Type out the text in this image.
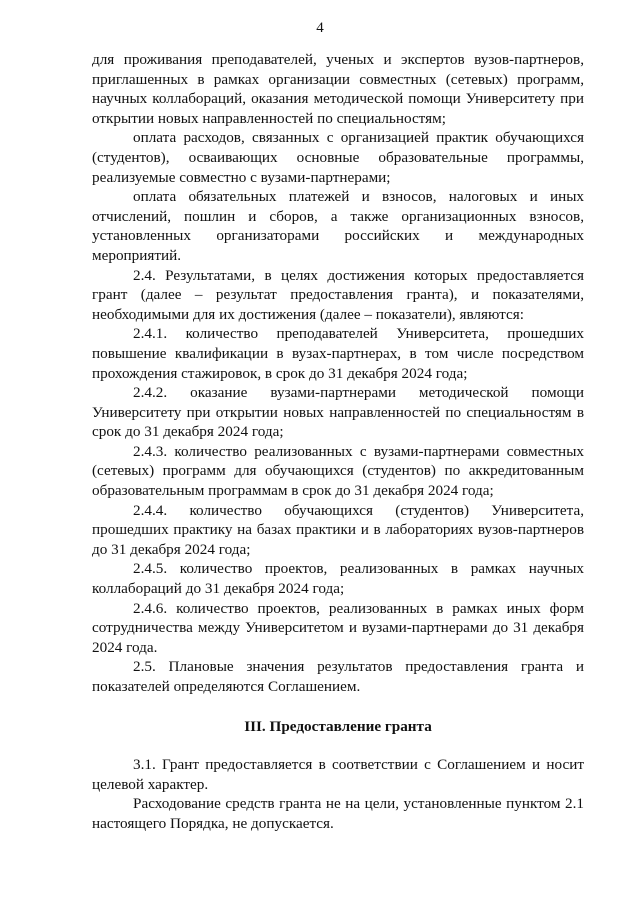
4

для проживания преподавателей, ученых и экспертов вузов-партнеров, приглашенных в рамках организации совместных (сетевых) программ, научных коллабораций, оказания методической помощи Университету при открытии новых направленностей по специальностям;

оплата расходов, связанных с организацией практик обучающихся (студентов), осваивающих основные образовательные программы, реализуемые совместно с вузами-партнерами;

оплата обязательных платежей и взносов, налоговых и иных отчислений, пошлин и сборов, а также организационных взносов, установленных организаторами российских и международных мероприятий.

2.4. Результатами, в целях достижения которых предоставляется грант (далее – результат предоставления гранта), и показателями, необходимыми для их достижения (далее – показатели), являются:

2.4.1. количество преподавателей Университета, прошедших повышение квалификации в вузах-партнерах, в том числе посредством прохождения стажировок, в срок до 31 декабря 2024 года;

2.4.2. оказание вузами-партнерами методической помощи Университету при открытии новых направленностей по специальностям в срок до 31 декабря 2024 года;

2.4.3. количество реализованных с вузами-партнерами совместных (сетевых) программ для обучающихся (студентов) по аккредитованным образовательным программам в срок до 31 декабря 2024 года;

2.4.4. количество обучающихся (студентов) Университета, прошедших практику на базах практики и в лабораториях вузов-партнеров до 31 декабря 2024 года;

2.4.5. количество проектов, реализованных в рамках научных коллабораций до 31 декабря 2024 года;

2.4.6. количество проектов, реализованных в рамках иных форм сотрудничества между Университетом и вузами-партнерами до 31 декабря 2024 года.

2.5. Плановые значения результатов предоставления гранта и показателей определяются Соглашением.

III. Предоставление гранта

3.1. Грант предоставляется в соответствии с Соглашением и носит целевой характер.

Расходование средств гранта не на цели, установленные пунктом 2.1 настоящего Порядка, не допускается.
